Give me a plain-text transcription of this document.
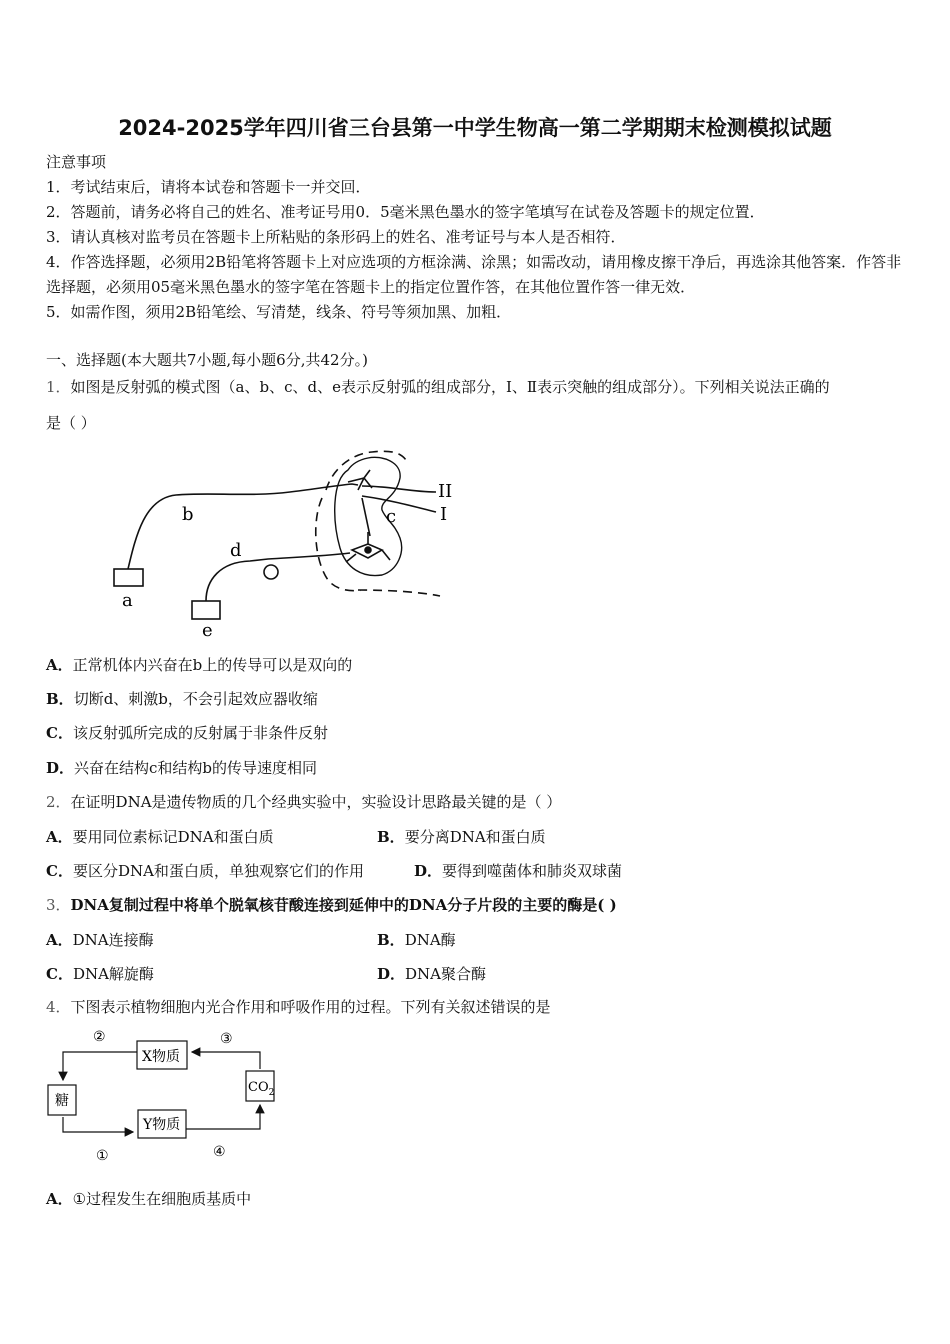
2024-2025学年四川省三台县第一中学生物高一第二学期期末检测模拟试题
注意事项
1．考试结束后，请将本试卷和答题卡一并交回．
2．答题前，请务必将自己的姓名、准考证号用0．5毫米黑色墨水的签字笔填写在试卷及答题卡的规定位置．
3．请认真核对监考员在答题卡上所粘贴的条形码上的姓名、准考证号与本人是否相符．
4．作答选择题，必须用2B铅笔将答题卡上对应选项的方框涂满、涂黑；如需改动，请用橡皮擦干净后，再选涂其他答案．作答非选择题，必须用05毫米黑色墨水的签字笔在答题卡上的指定位置作答，在其他位置作答一律无效．
5．如需作图，须用2B铅笔绘、写清楚，线条、符号等须加黑、加粗．
一、选择题(本大题共7小题,每小题6分,共42分。)
1．如图是反射弧的模式图（a、b、c、d、e表示反射弧的组成部分，Ⅰ、Ⅱ表示突触的组成部分）。下列相关说法正确的
是（ ）
a
b	c
d
e
II
I
A．正常机体内兴奋在b上的传导可以是双向的
B．切断d、刺激b，不会引起效应器收缩
C．该反射弧所完成的反射属于非条件反射
D．兴奋在结构c和结构b的传导速度相同
2．在证明DNA是遗传物质的几个经典实验中，实验设计思路最关键的是（ ）
A．要用同位素标记DNA和蛋白质	B．要分离DNA和蛋白质
C．要区分DNA和蛋白质，单独观察它们的作用	D．要得到噬菌体和肺炎双球菌
3．DNA复制过程中将单个脱氧核苷酸连接到延伸中的DNA分子片段的主要的酶是( )
A．DNA连接酶	B．DNA酶
C．DNA解旋酶	D．DNA聚合酶
4．下图表示植物细胞内光合作用和呼吸作用的过程。下列有关叙述错误的是
X物质
糖
$CO_2$
Y物质
②	③
①	④
A．①过程发生在细胞质基质中
